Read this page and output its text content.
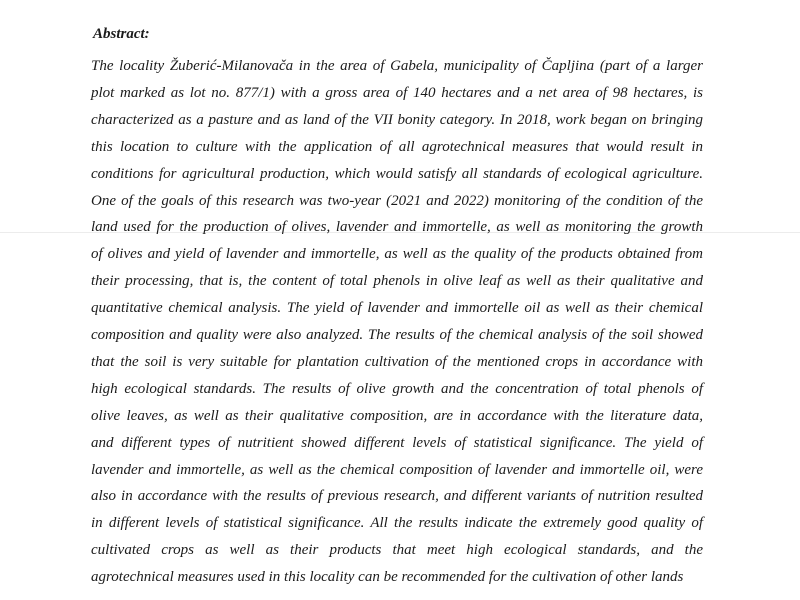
Abstract:
The locality Žuberić-Milanovača in the area of Gabela, municipality of Čapljina (part of a larger
plot marked as lot no. 877/1) with a gross area of 140 hectares and a net area of 98 hectares, is
characterized as a pasture and as land of the VII bonity category. In 2018, work began on bringing
this location to culture with the application of all agrotechnical measures that would result in
conditions for agricultural production, which would satisfy all standards of ecological agriculture.
One of the goals of this research was two-year (2021 and 2022) monitoring of the condition of the
land used for the production of olives, lavender and immortelle, as well as monitoring the growth
of olives and yield of lavender and immortelle, as well as the quality of the products obtained from
their processing, that is, the content of total phenols in olive leaf as well as their qualitative and
quantitative chemical analysis. The yield of lavender and immortelle oil as well as their chemical
composition and quality were also analyzed. The results of the chemical analysis of the soil showed
that the soil is very suitable for plantation cultivation of the mentioned crops in accordance with
high ecological standards. The results of olive growth and the concentration of total phenols of
olive leaves, as well as their qualitative composition, are in accordance with the literature data,
and different types of nutritient showed different levels of statistical significance. The yield of
lavender and immortelle, as well as the chemical composition of lavender and immortelle oil, were
also in accordance with the results of previous research, and different variants of nutrition resulted
in different levels of statistical significance. All the results indicate the extremely good quality of
cultivated crops as well as their products that meet high ecological standards, and the
agrotechnical measures used in this locality can be recommended for the cultivation of other lands
